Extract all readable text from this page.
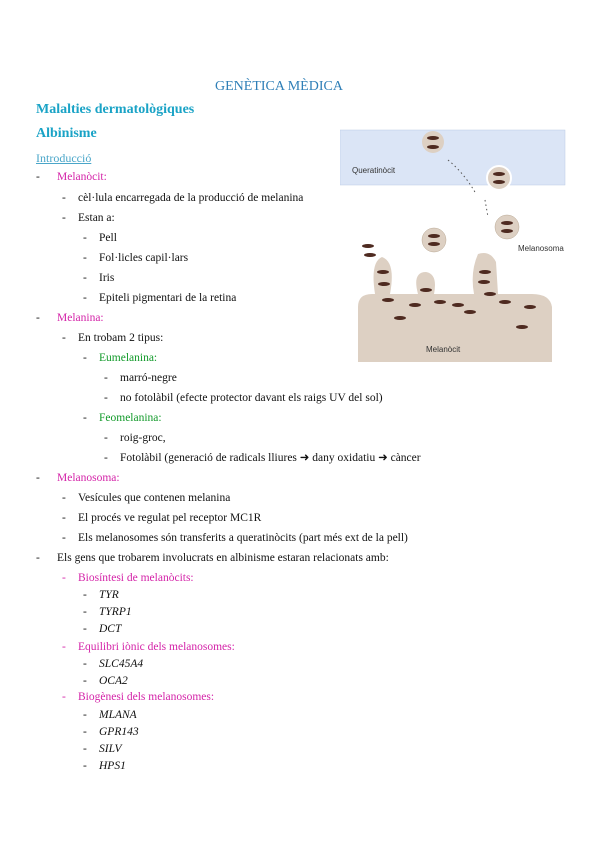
GENÈTICA MÈDICA
Malalties dermatològiques
Albinisme
Introducció
- Melanòcit:
- cèl·lula encarregada de la producció de melanina
- Estan a:
- Pell
- Fol·licles capil·lars
- Iris
- Epiteli pigmentari de la retina
- Melanina:
- En trobam 2 tipus:
- Eumelanina:
- marró-negre
- no fotolàbil (efecte protector davant els raigs UV del sol)
- Feomelanina:
- roig-groc,
- Fotolàbil (generació de radicals lliures ➜ dany oxidatiu ➜ càncer
- Melanosoma:
- Vesícules que contenen melanina
- El procés ve regulat pel receptor MC1R
- Els melanosomes són transferits a queratinòcits (part més ext de la pell)
- Els gens que trobarem involucrats en albinisme estaran relacionats amb:
- Biosíntesi de melanòcits:
- TYR
- TYRP1
- DCT
- Equilibri iònic dels melanosomes:
- SLC45A4
- OCA2
- Biogènesi dels melanosomes:
- MLANA
- GPR143
- SILV
- HPS1
Queratinòcit
Melanosoma
Melanòcit
